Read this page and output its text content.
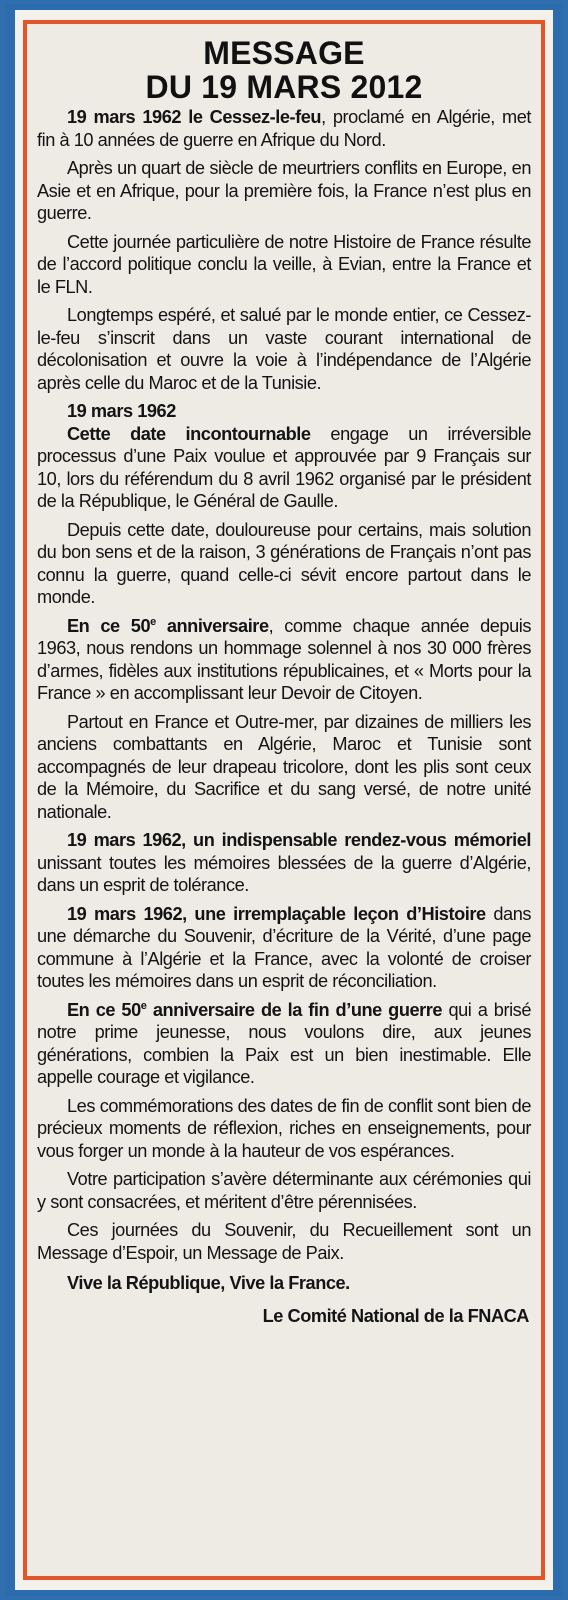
MESSAGE
DU 19 MARS 2012

19 mars 1962 le Cessez-le-feu, proclamé en Algérie, met fin à 10 années de guerre en Afrique du Nord.

Après un quart de siècle de meurtriers conflits en Europe, en Asie et en Afrique, pour la première fois, la France n’est plus en guerre.

Cette journée particulière de notre Histoire de France résulte de l’accord politique conclu la veille, à Evian, entre la France et le FLN.

Longtemps espéré, et salué par le monde entier, ce Cessez-le-feu s’inscrit dans un vaste courant international de décolonisation et ouvre la voie à l’indépendance de l’Algérie après celle du Maroc et de la Tunisie.

19 mars 1962

Cette date incontournable engage un irréversible processus d’une Paix voulue et approuvée par 9 Français sur 10, lors du référendum du 8 avril 1962 organisé par le président de la République, le Général de Gaulle.

Depuis cette date, douloureuse pour certains, mais solution du bon sens et de la raison, 3 générations de Français n’ont pas connu la guerre, quand celle-ci sévit encore partout dans le monde.

En ce 50e anniversaire, comme chaque année depuis 1963, nous rendons un hommage solennel à nos 30 000 frères d’armes, fidèles aux institutions républicaines, et « Morts pour la France » en accomplissant leur Devoir de Citoyen.

Partout en France et Outre-mer, par dizaines de milliers les anciens combattants en Algérie, Maroc et Tunisie sont accompagnés de leur drapeau tricolore, dont les plis sont ceux de la Mémoire, du Sacrifice et du sang versé, de notre unité nationale.

19 mars 1962, un indispensable rendez-vous mémoriel unissant toutes les mémoires blessées de la guerre d’Algérie, dans un esprit de tolérance.

19 mars 1962, une irremplaçable leçon d’Histoire dans une démarche du Souvenir, d’écriture de la Vérité, d’une page commune à l’Algérie et la France, avec la volonté de croiser toutes les mémoires dans un esprit de réconciliation.

En ce 50e anniversaire de la fin d’une guerre qui a brisé notre prime jeunesse, nous voulons dire, aux jeunes générations, combien la Paix est un bien inestimable. Elle appelle courage et vigilance.

Les commémorations des dates de fin de conflit sont bien de précieux moments de réflexion, riches en enseignements, pour vous forger un monde à la hauteur de vos espérances.

Votre participation s’avère déterminante aux cérémonies qui y sont consacrées, et méritent d’être pérennisées.

Ces journées du Souvenir, du Recueillement sont un Message d’Espoir, un Message de Paix.

Vive la République, Vive la France.
Le Comité National de la FNACA
